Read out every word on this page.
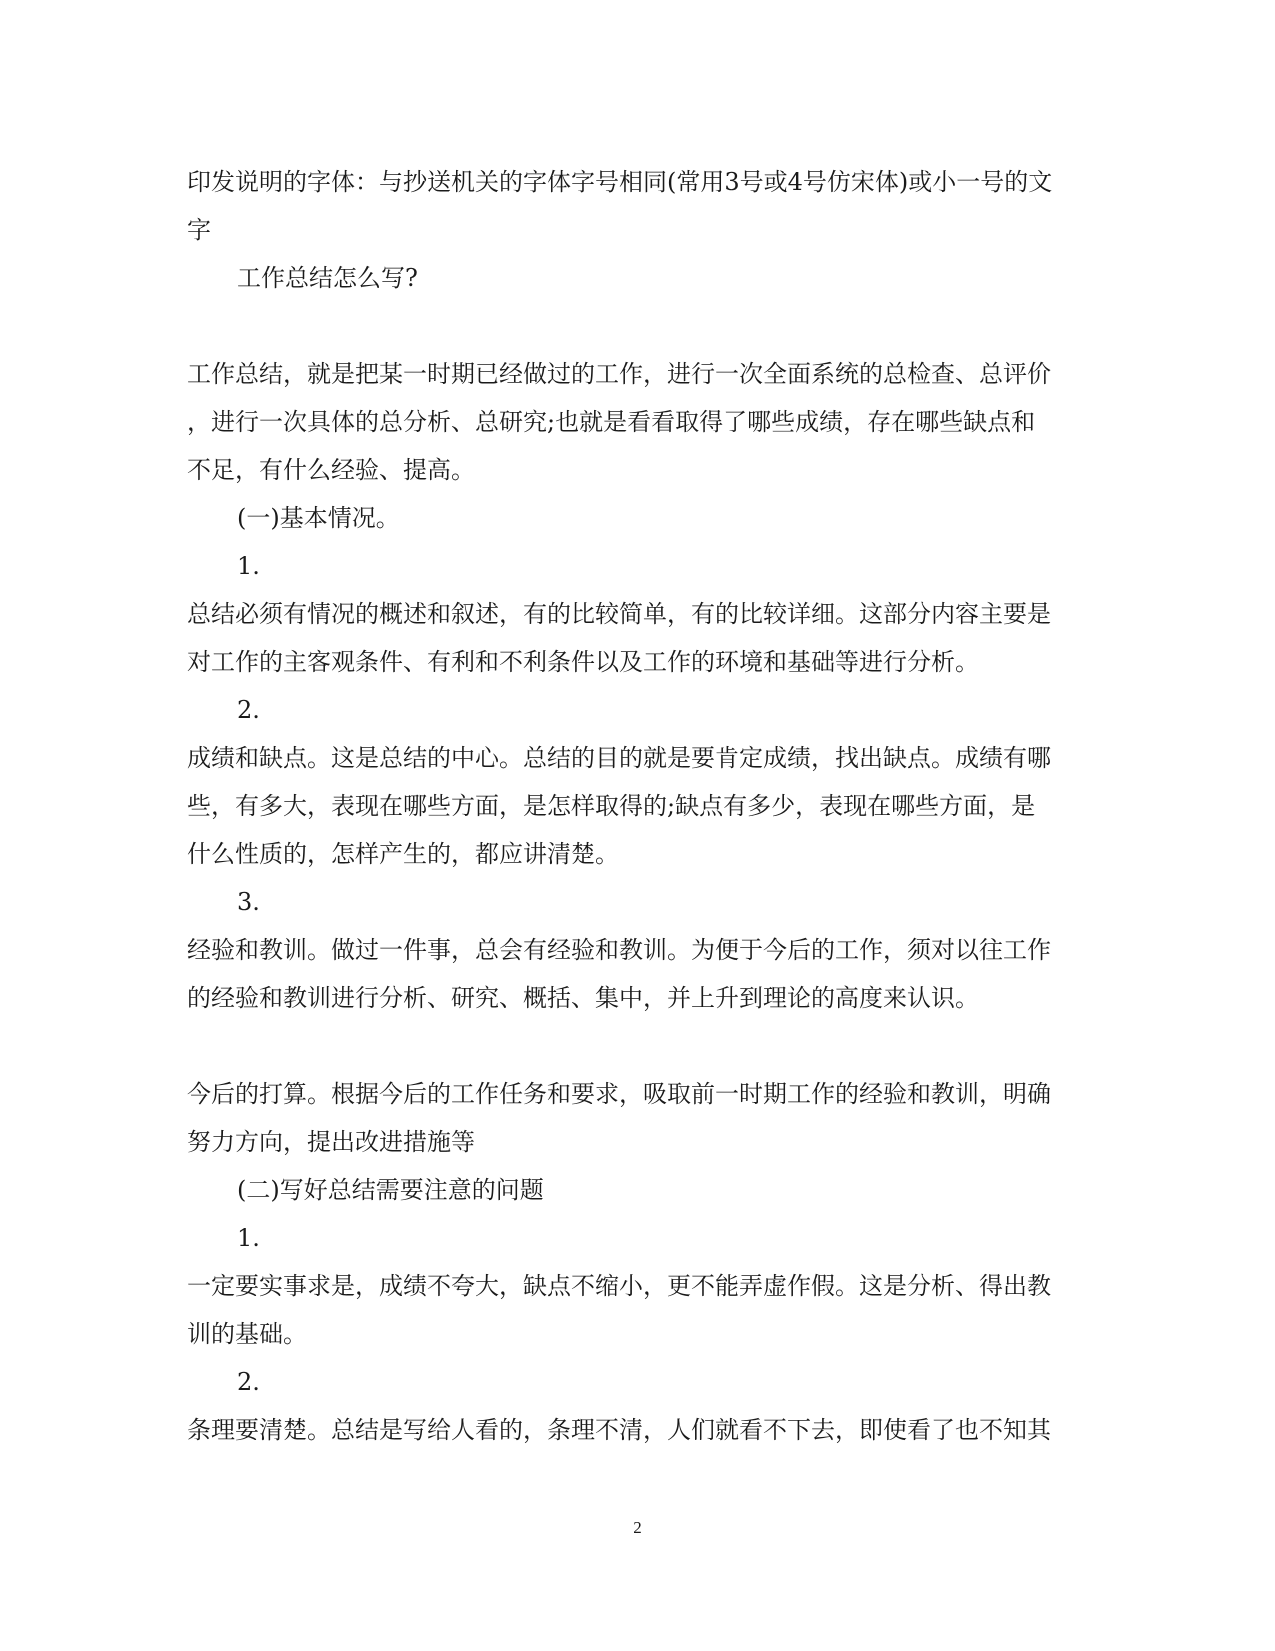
印发说明的字体：与抄送机关的字体字号相同(常用3号或4号仿宋体)或小一号的文
字
工作总结怎么写?
工作总结，就是把某一时期已经做过的工作，进行一次全面系统的总检查、总评价
，进行一次具体的总分析、总研究;也就是看看取得了哪些成绩，存在哪些缺点和
不足，有什么经验、提高。
(一)基本情况。
1.
总结必须有情况的概述和叙述，有的比较简单，有的比较详细。这部分内容主要是
对工作的主客观条件、有利和不利条件以及工作的环境和基础等进行分析。
2.
成绩和缺点。这是总结的中心。总结的目的就是要肯定成绩，找出缺点。成绩有哪
些，有多大，表现在哪些方面，是怎样取得的;缺点有多少，表现在哪些方面，是
什么性质的，怎样产生的，都应讲清楚。
3.
经验和教训。做过一件事，总会有经验和教训。为便于今后的工作，须对以往工作
的经验和教训进行分析、研究、概括、集中，并上升到理论的高度来认识。
今后的打算。根据今后的工作任务和要求，吸取前一时期工作的经验和教训，明确
努力方向，提出改进措施等
(二)写好总结需要注意的问题
1.
一定要实事求是，成绩不夸大，缺点不缩小，更不能弄虚作假。这是分析、得出教
训的基础。
2.
条理要清楚。总结是写给人看的，条理不清，人们就看不下去，即使看了也不知其
2
